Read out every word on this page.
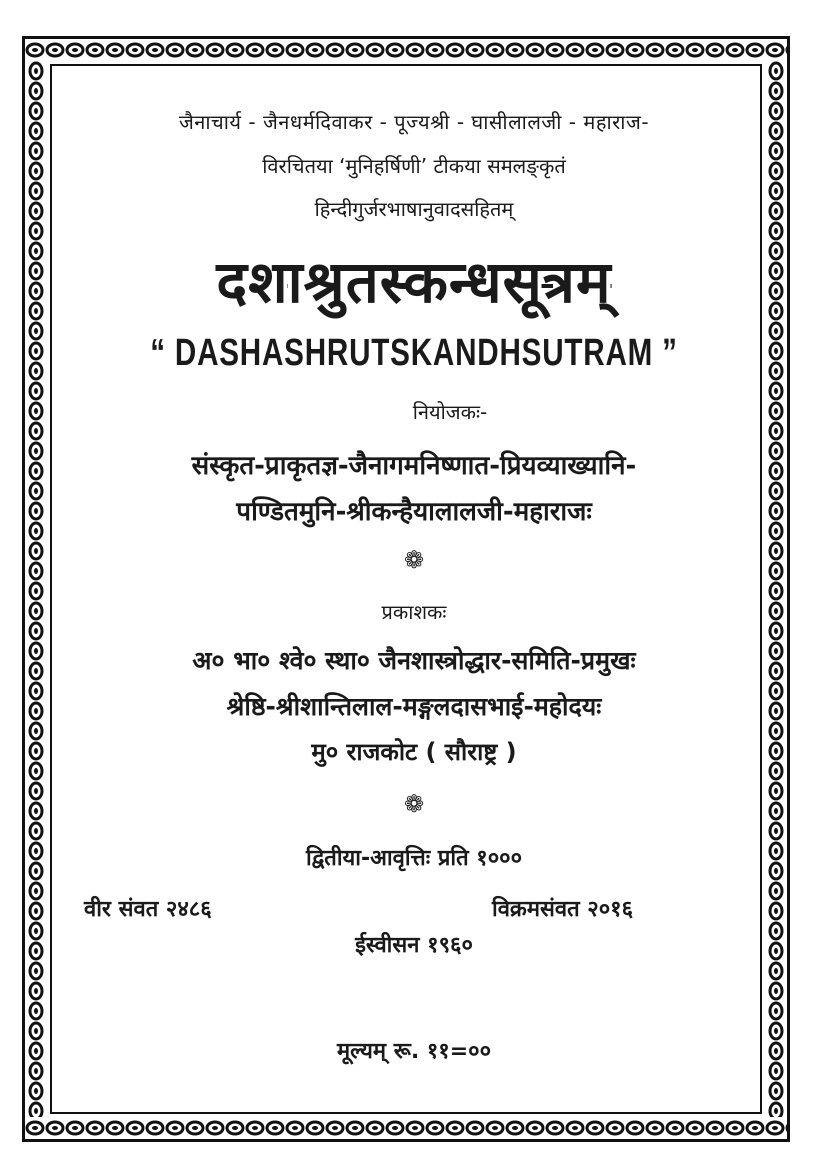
जैनाचार्य - जैनधर्मदिवाकर - पूज्यश्री - घासीलालजी - महाराज-
विरचितया ‘मुनिहर्षिणी’ टीकया समलङ्कृतं
हिन्दीगुर्जरभाषानुवादसहितम्
दशाश्रुतस्कन्धसूत्रम्
“ DASHASHRUTSKANDHSUTRAM ”
नियोजकः-
संस्कृत-प्राकृतज्ञ-जैनागमनिष्णात-प्रियव्याख्यानि-
पण्डितमुनि-श्रीकन्हैयालालजी-महाराजः
❁
प्रकाशकः
अ० भा० श्वे० स्था० जैनशास्त्रोद्धार-समिति-प्रमुखः
श्रेष्ठि-श्रीशान्तिलाल-मङ्गलदासभाई-महोदयः
मु० राजकोट ( सौराष्ट्र )
❁
द्वितीया-आवृत्तिः प्रति १०००
वीर संवत २४८६	विक्रमसंवत २०१६
ईस्वीसन १९६०
मूल्यम् रू. ११=००
